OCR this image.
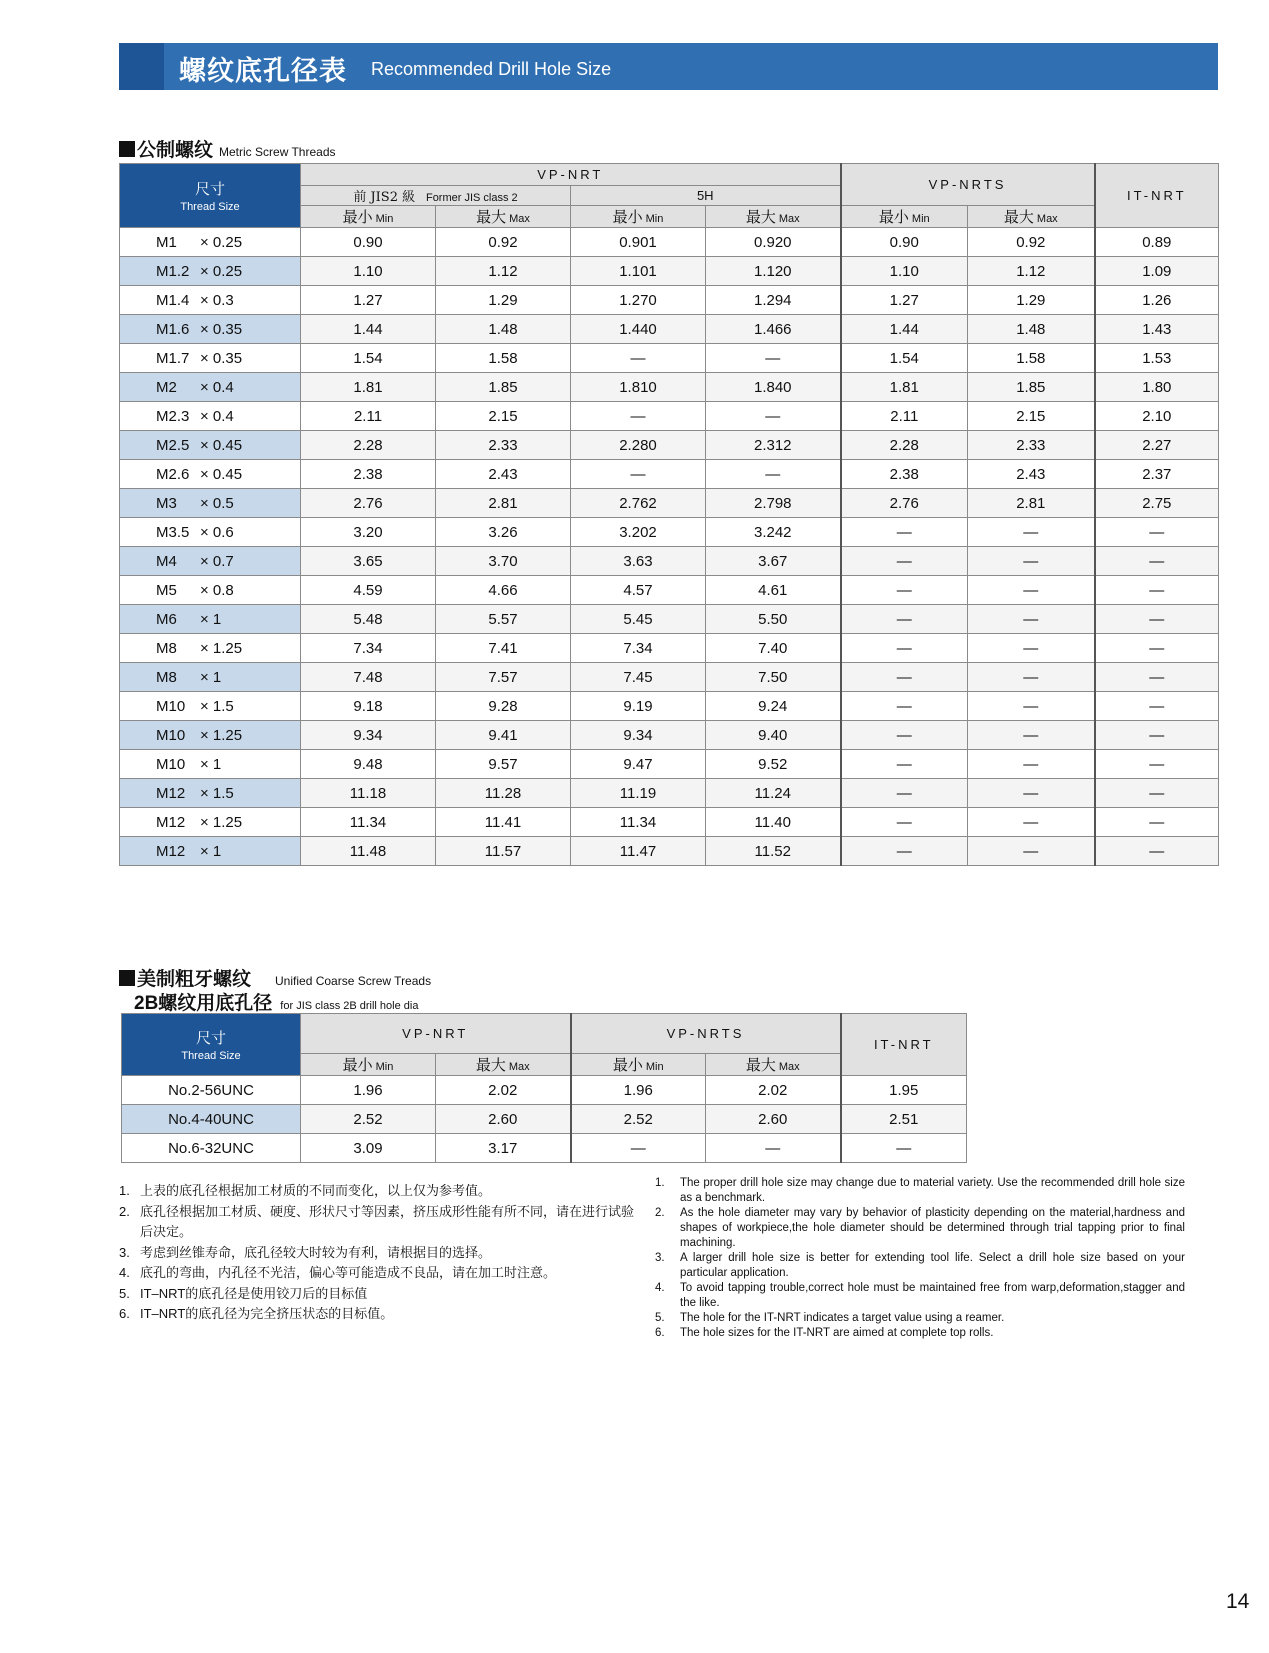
螺纹底孔径表 Recommended Drill Hole Size
公制螺纹 Metric Screw Threads
尺寸
Thread Size	VP-NRT				VP-NRTS		IT-NRT
	前 JIS2 級 Former JIS class 2		5H				
	最小 Min	最大 Max	最小 Min	最大 Max	最小 Min	最大 Max	
M1 × 0.25	0.90	0.92	0.901	0.920	0.90	0.92	0.89
M1.2 × 0.25	1.10	1.12	1.101	1.120	1.10	1.12	1.09
M1.4 × 0.3	1.27	1.29	1.270	1.294	1.27	1.29	1.26
M1.6 × 0.35	1.44	1.48	1.440	1.466	1.44	1.48	1.43
M1.7 × 0.35	1.54	1.58	—	—	1.54	1.58	1.53
M2 × 0.4	1.81	1.85	1.810	1.840	1.81	1.85	1.80
M2.3 × 0.4	2.11	2.15	—	—	2.11	2.15	2.10
M2.5 × 0.45	2.28	2.33	2.280	2.312	2.28	2.33	2.27
M2.6 × 0.45	2.38	2.43	—	—	2.38	2.43	2.37
M3 × 0.5	2.76	2.81	2.762	2.798	2.76	2.81	2.75
M3.5 × 0.6	3.20	3.26	3.202	3.242	—	—	—
M4 × 0.7	3.65	3.70	3.63	3.67	—	—	—
M5 × 0.8	4.59	4.66	4.57	4.61	—	—	—
M6 × 1	5.48	5.57	5.45	5.50	—	—	—
M8 × 1.25	7.34	7.41	7.34	7.40	—	—	—
M8 × 1	7.48	7.57	7.45	7.50	—	—	—
M10 × 1.5	9.18	9.28	9.19	9.24	—	—	—
M10 × 1.25	9.34	9.41	9.34	9.40	—	—	—
M10 × 1	9.48	9.57	9.47	9.52	—	—	—
M12 × 1.5	11.18	11.28	11.19	11.24	—	—	—
M12 × 1.25	11.34	11.41	11.34	11.40	—	—	—
M12 × 1	11.48	11.57	11.47	11.52	—	—	—
美制粗牙螺纹 Unified Coarse Screw Treads
2B螺纹用底孔径 for JIS class 2B drill hole dia
尺寸
Thread Size	VP-NRT		VP-NRTS		IT-NRT
	最小 Min	最大 Max	最小 Min	最大 Max	
No.2-56UNC	1.96	2.02	1.96	2.02	1.95
No.4-40UNC	2.52	2.60	2.52	2.60	2.51
No.6-32UNC	3.09	3.17	—	—	—
1. 上表的底孔径根据加工材质的不同而变化，以上仅为参考值。
2. 底孔径根据加工材质、硬度、形状尺寸等因素，挤压成形性能有所不同，请在进行试验后决定。
3. 考虑到丝锥寿命，底孔径较大时较为有利，请根据目的选择。
4. 底孔的弯曲，内孔径不光洁，偏心等可能造成不良品，请在加工时注意。
5. IT–NRT的底孔径是使用铰刀后的目标值
6. IT–NRT的底孔径为完全挤压状态的目标值。
1. The proper drill hole size may change due to material variety. Use the recommended drill hole size as a benchmark.
2. As the hole diameter may vary by behavior of plasticity depending on the material,hardness and shapes of workpiece,the hole diameter should be determined through trial tapping prior to final machining.
3. A larger drill hole size is better for extending tool life. Select a drill hole size based on your particular application.
4. To avoid tapping trouble,correct hole must be maintained free from warp,deformation,stagger and the like.
5. The hole for the IT-NRT indicates a target value using a reamer.
6. The hole sizes for the IT-NRT are aimed at complete top rolls.
14
